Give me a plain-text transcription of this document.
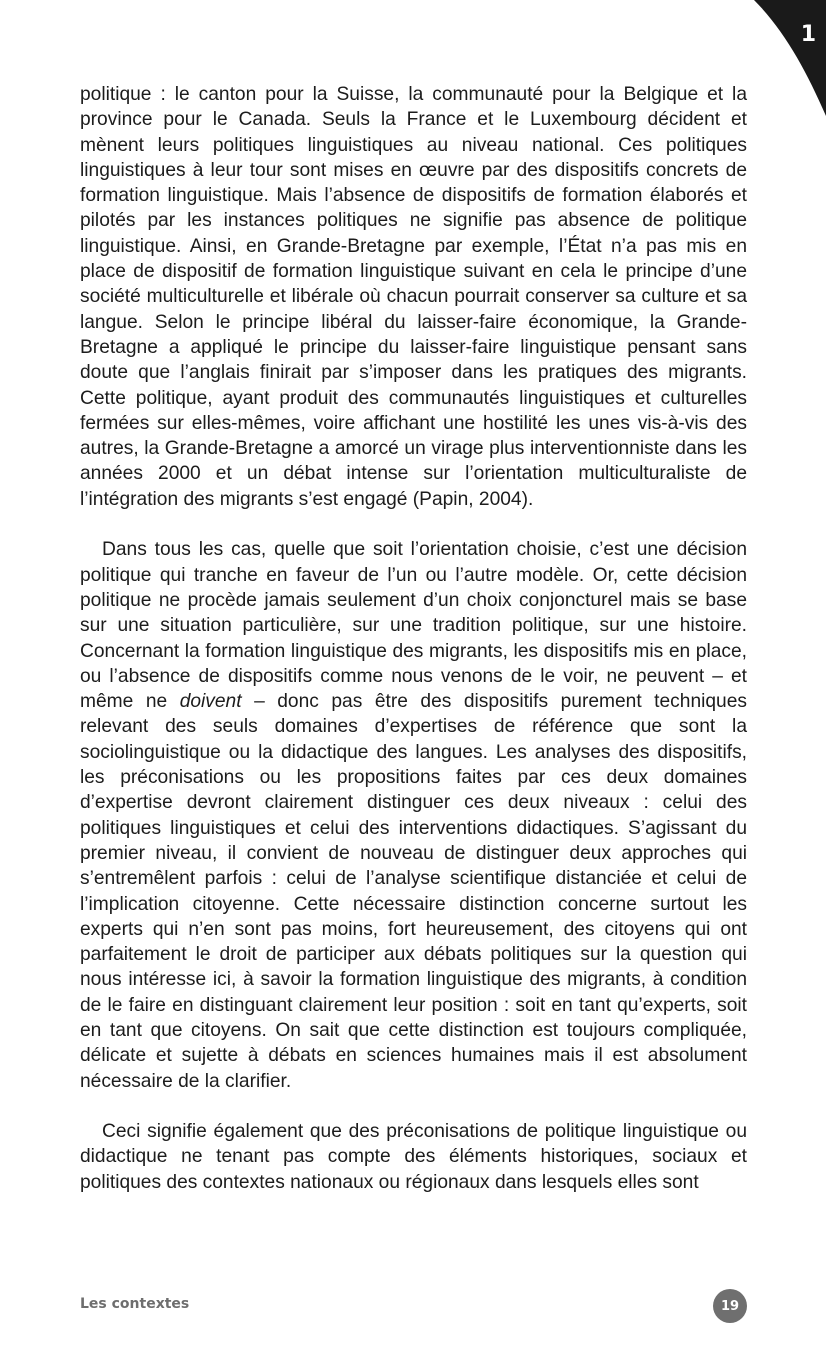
1

politique : le canton pour la Suisse, la communauté pour la Belgique et la province pour le Canada. Seuls la France et le Luxembourg décident et mènent leurs politiques linguistiques au niveau national. Ces politiques linguistiques à leur tour sont mises en œuvre par des dispositifs concrets de formation linguistique. Mais l’absence de dispositifs de formation élaborés et pilotés par les instances politiques ne signifie pas absence de politique linguistique. Ainsi, en Grande-Bretagne par exemple, l’État n’a pas mis en place de dispositif de formation linguistique suivant en cela le principe d’une société multiculturelle et libérale où chacun pourrait conserver sa culture et sa langue. Selon le principe libéral du laisser-faire économique, la Grande-Bretagne a appliqué le principe du laisser-faire linguistique pensant sans doute que l’anglais finirait par s’imposer dans les pratiques des migrants. Cette politique, ayant produit des communautés linguistiques et culturelles fermées sur elles-mêmes, voire affichant une hostilité les unes vis-à-vis des autres, la Grande-Bretagne a amorcé un virage plus interventionniste dans les années 2000 et un débat intense sur l’orientation multiculturaliste de l’intégration des migrants s’est engagé (Papin, 2004).

Dans tous les cas, quelle que soit l’orientation choisie, c’est une décision politique qui tranche en faveur de l’un ou l’autre modèle. Or, cette décision politique ne procède jamais seulement d’un choix conjoncturel mais se base sur une situation particulière, sur une tradition politique, sur une histoire. Concernant la formation linguistique des migrants, les dispositifs mis en place, ou l’absence de dispositifs comme nous venons de le voir, ne peuvent – et même ne doivent – donc pas être des dispositifs purement techniques relevant des seuls domaines d’expertises de référence que sont la sociolinguistique ou la didactique des langues. Les analyses des dispositifs, les préconisations ou les propositions faites par ces deux domaines d’expertise devront clairement distinguer ces deux niveaux : celui des politiques linguistiques et celui des interventions didactiques. S’agissant du premier niveau, il convient de nouveau de distinguer deux approches qui s’entremêlent parfois : celui de l’analyse scientifique distanciée et celui de l’implication citoyenne. Cette nécessaire distinction concerne surtout les experts qui n’en sont pas moins, fort heureusement, des citoyens qui ont parfaitement le droit de participer aux débats politiques sur la question qui nous intéresse ici, à savoir la formation linguistique des migrants, à condition de le faire en distinguant clairement leur position : soit en tant qu’experts, soit en tant que citoyens. On sait que cette distinction est toujours compliquée, délicate et sujette à débats en sciences humaines mais il est absolument nécessaire de la clarifier.

Ceci signifie également que des préconisations de politique linguistique ou didactique ne tenant pas compte des éléments historiques, sociaux et politiques des contextes nationaux ou régionaux dans lesquels elles sont

Les contextes	19
